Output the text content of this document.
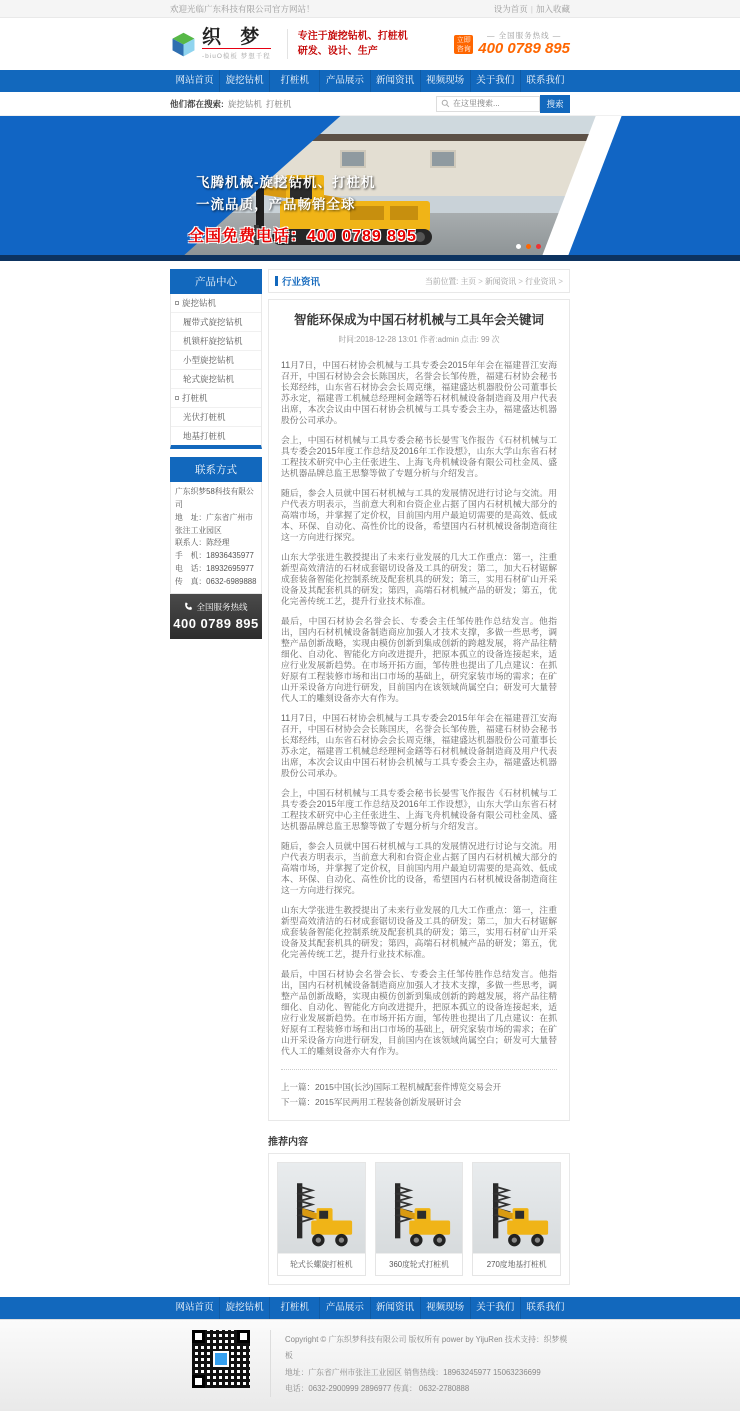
欢迎光临广东科技有限公司官方网站！	设为首页 | 加入收藏
织 梦
-biuO模板 梦想千程
专注于旋挖钻机、打桩机
研发、设计、生产
立即咨询
— 全国服务热线 —
400 0789 895
网站首页	旋挖钻机	打桩机	产品展示	新闻资讯	视频现场	关于我们	联系我们
他们都在搜索: 旋挖钻机 打桩机
在这里搜索...	搜索
飞腾机械-旋挖钻机、打桩机
一流品质，产品畅销全球
全国免费电话：400 0789 895
产品中心
旋挖钻机
履带式旋挖钻机
机锁杆旋挖钻机
小型旋挖钻机
轮式旋挖钻机
打桩机
光伏打桩机
地基打桩机
联系方式
广东织梦58科技有限公司
地　址：广东省广州市张注工业园区
联系人：陈经理
手　机：18936435977
电　话：18932695977
传　真：0632-6989888
全国服务热线
400 0789 895
行业资讯	当前位置: 主页 > 新闻资讯 > 行业资讯 >
智能环保成为中国石材机械与工具年会关键词
时间:2018-12-28 13:01 作者:admin 点击: 99 次

11月7日，中国石材协会机械与工具专委会2015年年会在福建晋江安海召开，中国石材协会会长陈国庆，名誉会长邹传胜，福建石材协会秘书长郑经纬，山东省石材协会会长周克继，福建盛达机器股份公司董事长苏永定，福建晋工机械总经理柯金鐥等石材机械设备制造商及用户代表出席，本次会议由中国石材协会机械与工具专委会主办，福建盛达机器股份公司承办。

会上，中国石材机械与工具专委会秘书长晏雪飞作报告《石材机械与工具专委会2015年度工作总结及2016年工作设想》，山东大学山东省石材工程技术研究中心主任张进生、上海飞舟机械设备有限公司杜金凤、盛达机器品牌总监王思黎等做了专题分析与介绍发言。

随后，参会人员就中国石材机械与工具的发展情况进行讨论与交流。用户代表方明表示，当前意大利和台资企业占据了国内石材机械大部分的高端市场，并掌握了定价权，目前国内用户最迫切需要的是高效、低成本、环保、自动化、高性价比的设备，希望国内石材机械设备制造商往这一方向进行探究。

山东大学张进生教授提出了未来行业发展的几大工作重点：第一，注重新型高效清洁的石材成套锯切设备及工具的研发；第二，加大石材锯解成套装备智能化控制系统及配套机具的研发；第三，实用石材矿山开采设备及其配套机具的研发；第四，高端石材机械产品的研发；第五，优化完善传统工艺，提升行业技术标准。

最后，中国石材协会名誉会长、专委会主任邹传胜作总结发言。他指出，国内石材机械设备制造商应加强人才技术支撑，多做一些思考，调整产品创新战略，实现由模仿创新到集成创新的跨越发展，将产品往精细化、自动化、智能化方向改进提升，把原本孤立的设备连接起来，适应行业发展新趋势。在市场开拓方面，邹传胜也提出了几点建议：在抓好原有工程装修市场和出口市场的基础上，研究家装市场的需求；在矿山开采设备方向进行研发，目前国内在该领域尚属空白；研发可大量替代人工的雕刻设备亦大有作为。

11月7日，中国石材协会机械与工具专委会2015年年会在福建晋江安海召开，中国石材协会会长陈国庆，名誉会长邹传胜，福建石材协会秘书长郑经纬，山东省石材协会会长周克继，福建盛达机器股份公司董事长苏永定，福建晋工机械总经理柯金鐥等石材机械设备制造商及用户代表出席，本次会议由中国石材协会机械与工具专委会主办，福建盛达机器股份公司承办。

会上，中国石材机械与工具专委会秘书长晏雪飞作报告《石材机械与工具专委会2015年度工作总结及2016年工作设想》，山东大学山东省石材工程技术研究中心主任张进生、上海飞舟机械设备有限公司杜金凤、盛达机器品牌总监王思黎等做了专题分析与介绍发言。

随后，参会人员就中国石材机械与工具的发展情况进行讨论与交流。用户代表方明表示，当前意大利和台资企业占据了国内石材机械大部分的高端市场，并掌握了定价权，目前国内用户最迫切需要的是高效、低成本、环保、自动化、高性价比的设备，希望国内石材机械设备制造商往这一方向进行探究。

山东大学张进生教授提出了未来行业发展的几大工作重点：第一，注重新型高效清洁的石材成套锯切设备及工具的研发；第二，加大石材锯解成套装备智能化控制系统及配套机具的研发；第三，实用石材矿山开采设备及其配套机具的研发；第四，高端石材机械产品的研发；第五，优化完善传统工艺，提升行业技术标准。

最后，中国石材协会名誉会长、专委会主任邹传胜作总结发言。他指出，国内石材机械设备制造商应加强人才技术支撑，多做一些思考，调整产品创新战略，实现由模仿创新到集成创新的跨越发展，将产品往精细化、自动化、智能化方向改进提升，把原本孤立的设备连接起来，适应行业发展新趋势。在市场开拓方面，邹传胜也提出了几点建议：在抓好原有工程装修市场和出口市场的基础上，研究家装市场的需求；在矿山开采设备方向进行研发，目前国内在该领域尚属空白；研发可大量替代人工的雕刻设备亦大有作为。

上一篇：2015中国(长沙)国际工程机械配套件博览交易会开
下一篇：2015军民两用工程装备创新发展研讨会
推荐内容
轮式长螺旋打桩机	360度轮式打桩机	270度地基打桩机
网站首页	旋挖钻机	打桩机	产品展示	新闻资讯	视频现场	关于我们	联系我们
Copyright © 广东织梦科技有限公司 版权所有 power by YijuRen 技术支持：织梦模板
地址：广东省广州市张注工业园区 销售热线：18963245977 15063236699
电话：0632-2900999 2896977 传真： 0632-2780888
